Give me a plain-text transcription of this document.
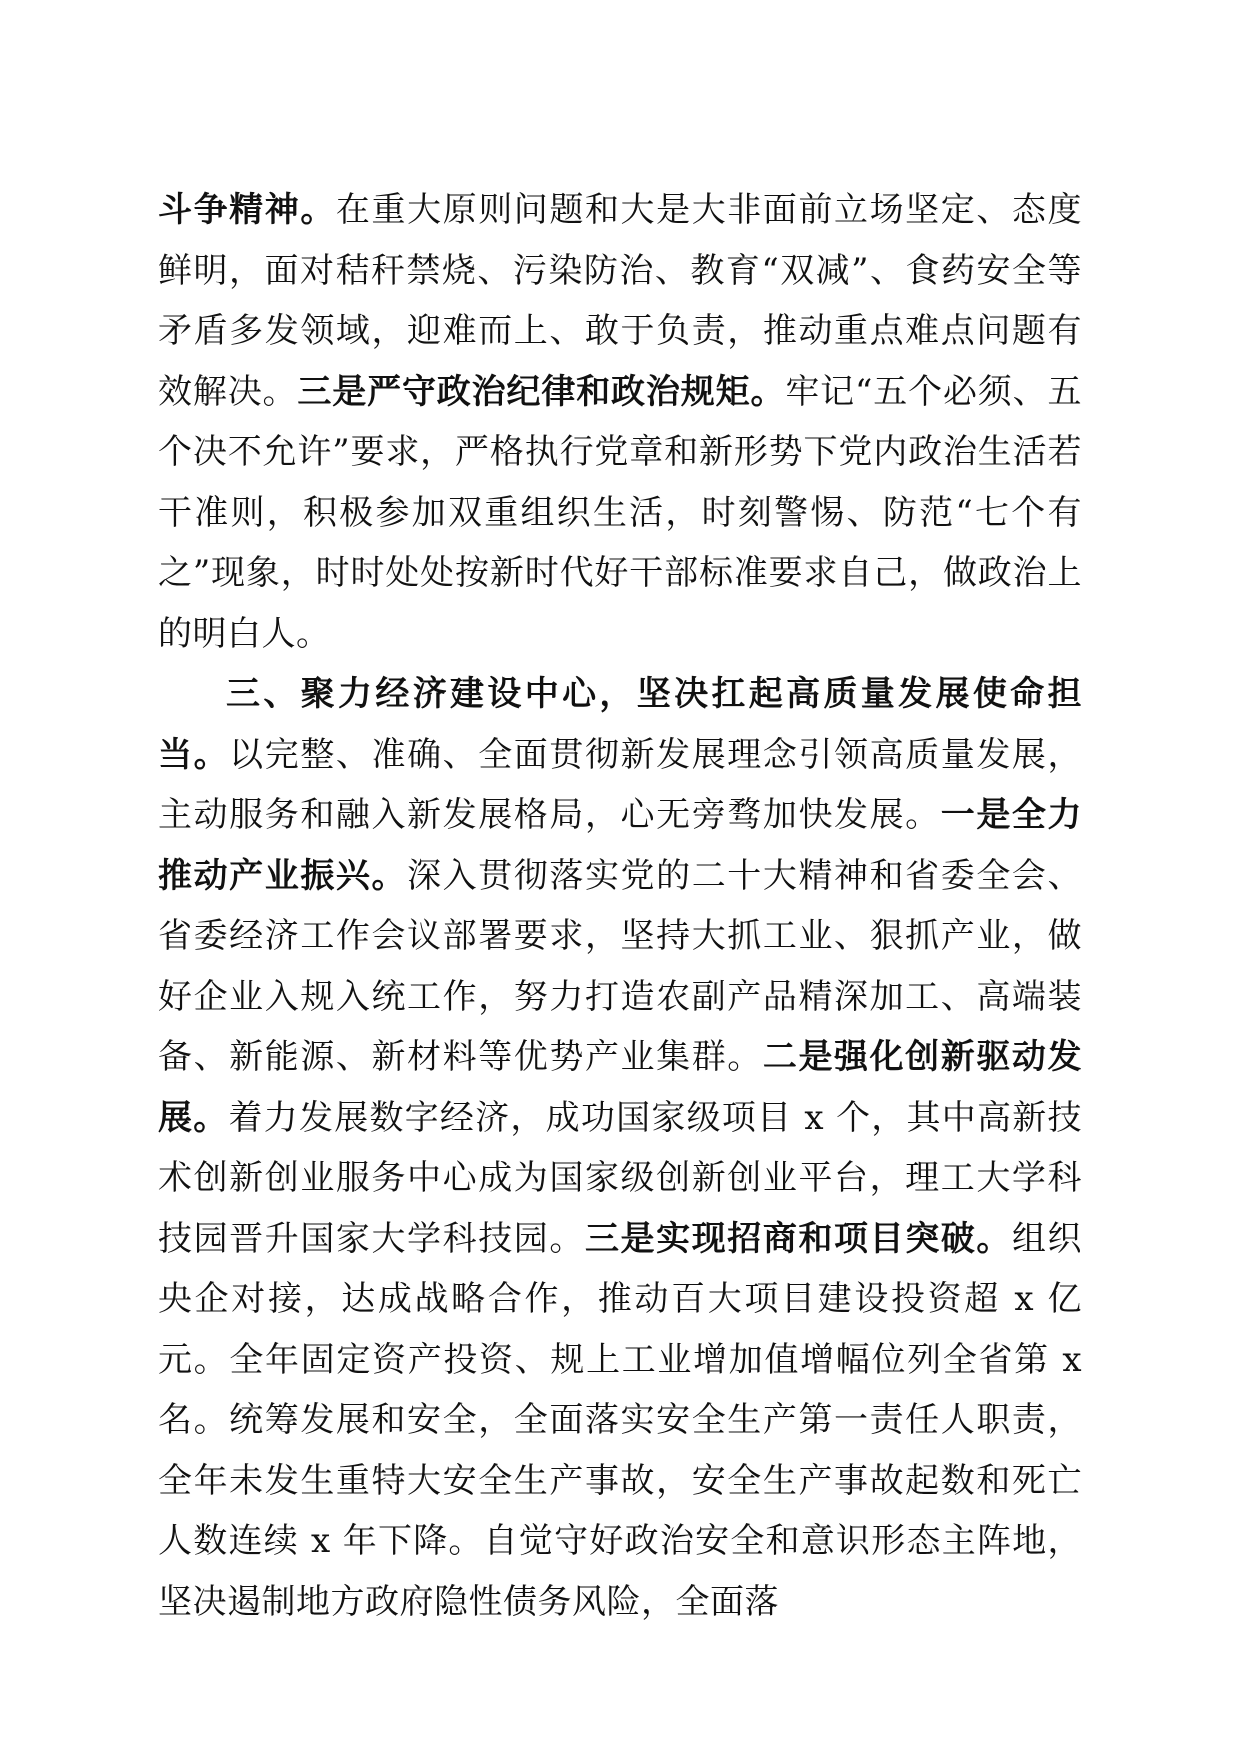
斗争精神。在重大原则问题和大是大非面前立场坚定、态度鲜明，面对秸秆禁烧、污染防治、教育“双减”、食药安全等矛盾多发领域，迎难而上、敢于负责，推动重点难点问题有效解决。三是严守政治纪律和政治规矩。牢记“五个必须、五个决不允许”要求，严格执行党章和新形势下党内政治生活若干准则，积极参加双重组织生活，时刻警惕、防范“七个有之”现象，时时处处按新时代好干部标准要求自己，做政治上的明白人。

三、聚力经济建设中心，坚决扛起高质量发展使命担当。以完整、准确、全面贯彻新发展理念引领高质量发展，主动服务和融入新发展格局，心无旁骛加快发展。一是全力推动产业振兴。深入贯彻落实党的二十大精神和省委全会、省委经济工作会议部署要求，坚持大抓工业、狠抓产业，做好企业入规入统工作，努力打造农副产品精深加工、高端装备、新能源、新材料等优势产业集群。二是强化创新驱动发展。着力发展数字经济，成功国家级项目 x 个，其中高新技术创新创业服务中心成为国家级创新创业平台，理工大学科技园晋升国家大学科技园。三是实现招商和项目突破。组织央企对接，达成战略合作，推动百大项目建设投资超 x 亿元。全年固定资产投资、规上工业增加值增幅位列全省第 x 名。统筹发展和安全，全面落实安全生产第一责任人职责，全年未发生重特大安全生产事故，安全生产事故起数和死亡人数连续 x 年下降。自觉守好政治安全和意识形态主阵地，坚决遏制地方政府隐性债务风险，全面落
